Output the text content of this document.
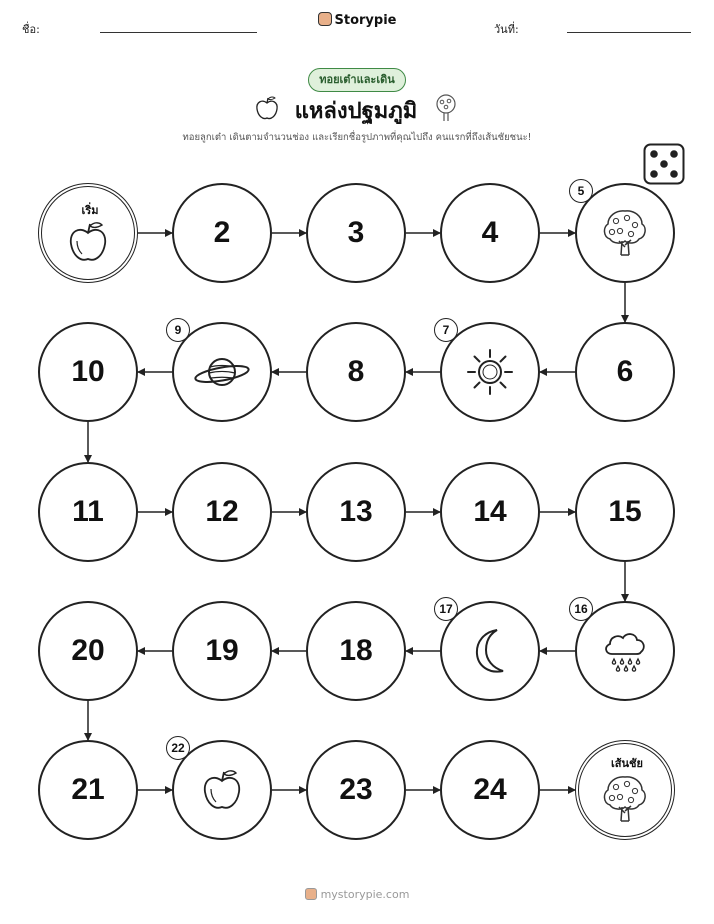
ชื่อ:
Storypie
วันที่:
ทอยเต๋าและเดิน
แหล่งปฐมภูมิ
ทอยลูกเต๋า เดินตามจำนวนช่อง และเรียกชื่อรูปภาพที่คุณไปถึง คนแรกที่ถึงเส้นชัยชนะ!
เริ่ม
2	3	4
5
6
7
8
9
10
11	12	13	14	15
16
17
18
19
20
21
22
23	24
เส้นชัย
mystorypie.com
